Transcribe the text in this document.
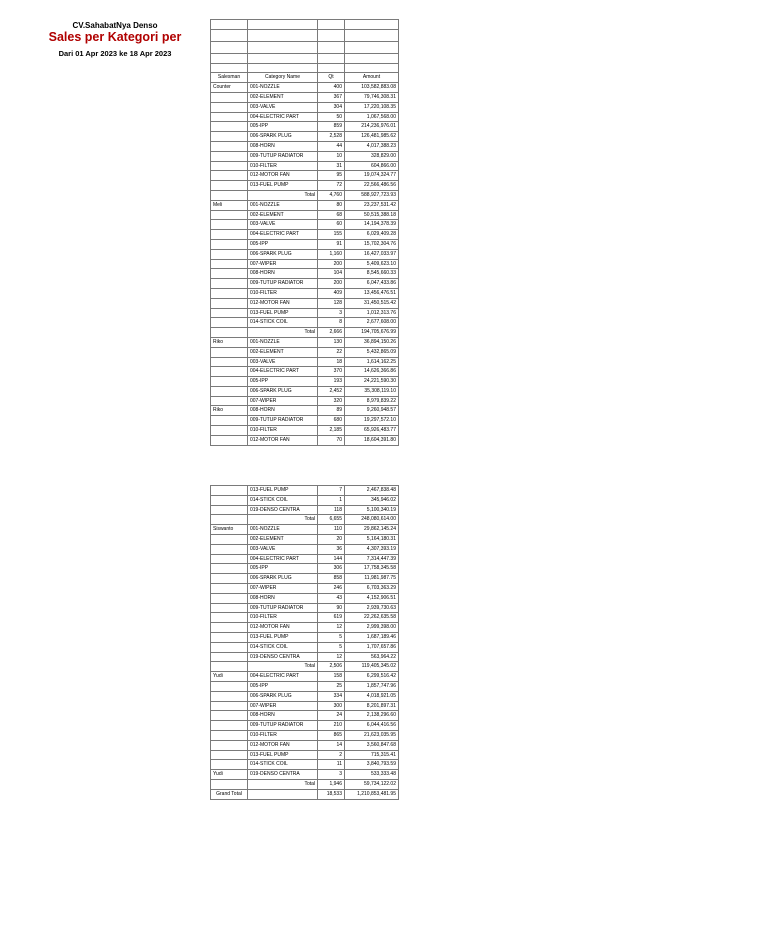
CV.SahabatNya Denso
Sales per Kategori per
Dari 01 Apr 2023 ke 18 Apr 2023

Salesman	Category Name	Qt	Amount
Counter	001-NOZZLE	400	103,582,883.08
	002-ELEMENT	367	79,746,308.31
	003-VALVE	304	17,220,108.35
	004-ELECTRIC PART	50	1,067,568.00
	005-IPP	859	214,236,976.01
	006-SPARK PLUG	2,528	126,481,985.62
	008-HORN	44	4,017,388.23
	009-TUTUP RADIATOR	10	328,829.00
	010-FILTER	31	604,866.00
	012-MOTOR FAN	95	19,074,324.77
	013-FUEL PUMP	72	22,566,486.56
	Total	4,760	588,927,723.93
Meli	001-NOZZLE	80	23,237,531.42
	002-ELEMENT	68	50,515,388.18
	003-VALVE	60	14,194,378.39
	004-ELECTRIC PART	155	6,029,409.28
	005-IPP	91	15,702,304.76
	006-SPARK PLUG	1,160	16,427,033.97
	007-WIPER	200	5,409,623.10
	008-HORN	104	8,545,660.33
	009-TUTUP RADIATOR	200	6,047,433.86
	010-FILTER	409	13,456,476.51
	012-MOTOR FAN	128	31,450,515.42
	013-FUEL PUMP	3	1,012,313.76
	014-STICK COIL	8	2,677,608.00
	Total	2,666	194,705,676.99
Riko	001-NOZZLE	130	36,894,150.26
	002-ELEMENT	22	5,432,865.09
	003-VALVE	18	1,614,162.25
	004-ELECTRIC PART	370	14,626,366.86
	005-IPP	193	24,221,590.30
	006-SPARK PLUG	2,452	35,308,119.10
	007-WIPER	320	8,979,839.22
Riko	008-HORN	89	9,260,948.57
	009-TUTUP RADIATOR	680	19,297,572.10
	010-FILTER	2,185	65,926,483.77
	012-MOTOR FAN	70	18,604,391.80
	013-FUEL PUMP	7	2,467,838.48
	014-STICK COIL	1	345,946.02
	019-DENSO CENTRA	118	5,100,340.19
	Total	6,655	248,080,614.00
Siswanto	001-NOZZLE	110	29,862,145.24
	002-ELEMENT	20	5,164,180.31
	003-VALVE	36	4,307,393.19
	004-ELECTRIC PART	144	7,314,447.39
	005-IPP	306	17,758,345.58
	006-SPARK PLUG	858	11,981,987.75
	007-WIPER	246	6,703,363.29
	008-HORN	43	4,152,906.51
	009-TUTUP RADIATOR	90	2,939,730.63
	010-FILTER	619	22,262,635.58
	012-MOTOR FAN	12	2,999,398.00
	013-FUEL PUMP	5	1,687,189.46
	014-STICK COIL	5	1,707,657.86
	019-DENSO CENTRA	12	563,964.22
	Total	2,506	119,405,345.02
Yudi	004-ELECTRIC PART	158	6,299,516.42
	005-IPP	25	1,857,747.96
	006-SPARK PLUG	334	4,018,921.05
	007-WIPER	300	8,201,897.31
	008-HORN	24	2,138,296.60
	009-TUTUP RADIATOR	210	6,044,416.56
	010-FILTER	865	21,623,035.95
	012-MOTOR FAN	14	3,560,847.68
	013-FUEL PUMP	2	715,315.41
	014-STICK COIL	11	3,840,793.59
Yudi	019-DENSO CENTRA	3	533,333.48
	Total	1,946	59,734,122.02
Grand Total		18,533	1,210,853,481.95
